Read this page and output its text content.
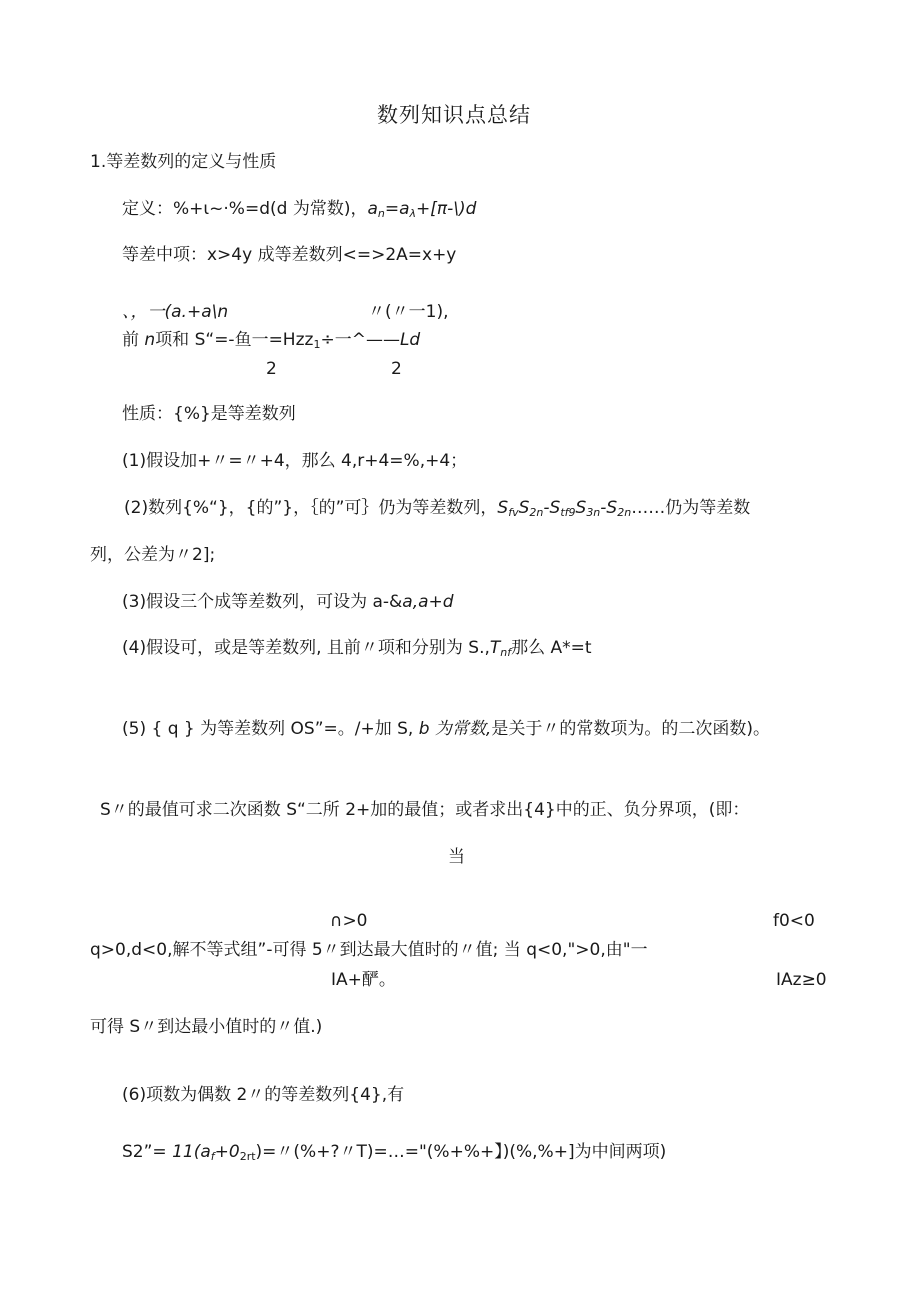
数列知识点总结
1.等差数列的定义与性质
定义：%+ι~·%=d(d 为常数)，$a_n=a_\lambda+[\pi-\backslash)d$
等差中项：x>4y 成等差数列<=>2A=x+y
、，一(a.+a\n	〃(〃一1),
前 n项和 S“=-鱼一=Hzz$_1$÷一^——Ld
2	2
性质：{%}是等差数列
(1)假设加+〃=〃+4，那么 4,r+4=%,+4；
(2)数列{%“}，{的”}，｛的”可｝仍为等差数列，$S_{fv}S_{2n}-S_{tf9}S_{3n}-S_{2n}\dots\dots$仍为等差数
列，公差为〃2];
(3)假设三个成等差数列，可设为 a-&a,a+d
(4)假设可，或是等差数列, 且前〃项和分别为 $S.,T_{nf}$那么 A*=t
(5) { q } 为等差数列 OS”=。/+加 S, b 为常数,是关于〃的常数项为。的二次函数)。
S〃的最值可求二次函数 S“二所 2+加的最值；或者求出{4}中的正、负分界项，(即：
当
∩>0	f0<0
q>0,d<0,解不等式组”-可得 5〃到达最大值时的〃值; 当 q<0,">0,由"一
IA+酽。	IAz≥0
可得 S〃到达最小值时的〃值.)
(6)项数为偶数 2〃的等差数列{4},有
S2”= $11(a_f+0_{2rt})=$〃(%+?〃T)=…="(%+%+】)(%,%+]为中间两项)
